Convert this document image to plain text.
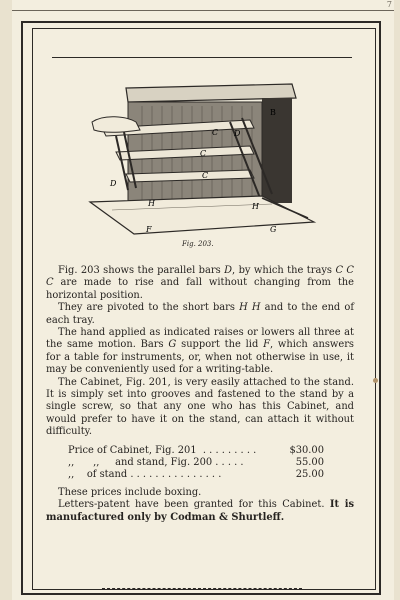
7
B
C D
C
C
D
H	H
F	G
Fig. 203.

Fig. 203 shows the parallel bars D, by which the trays C C C are made to rise and fall without changing from the horizontal position.

They are pivoted to the short bars H H and to the end of each tray.

The hand applied as indicated raises or lowers all three at the same motion. Bars G support the lid F, which answers for a table for instruments, or, when not otherwise in use, it may be conveniently used for a writing-table.

The Cabinet, Fig. 201, is very easily attached to the stand. It is simply set into grooves and fastened to the stand by a single screw, so that any one who has this Cabinet, and would prefer to have it on the stand, can attach it without difficulty.

Price of Cabinet, Fig. 201  . . . . . . . . .	$30.00
,,      ,,     and stand, Fig. 200 . . . . .	55.00
,,    of stand . . . . . . . . . . . . . . .	25.00

These prices include boxing.

Letters-patent have been granted for this Cabinet. It is manufactured only by Codman & Shurtleff.
